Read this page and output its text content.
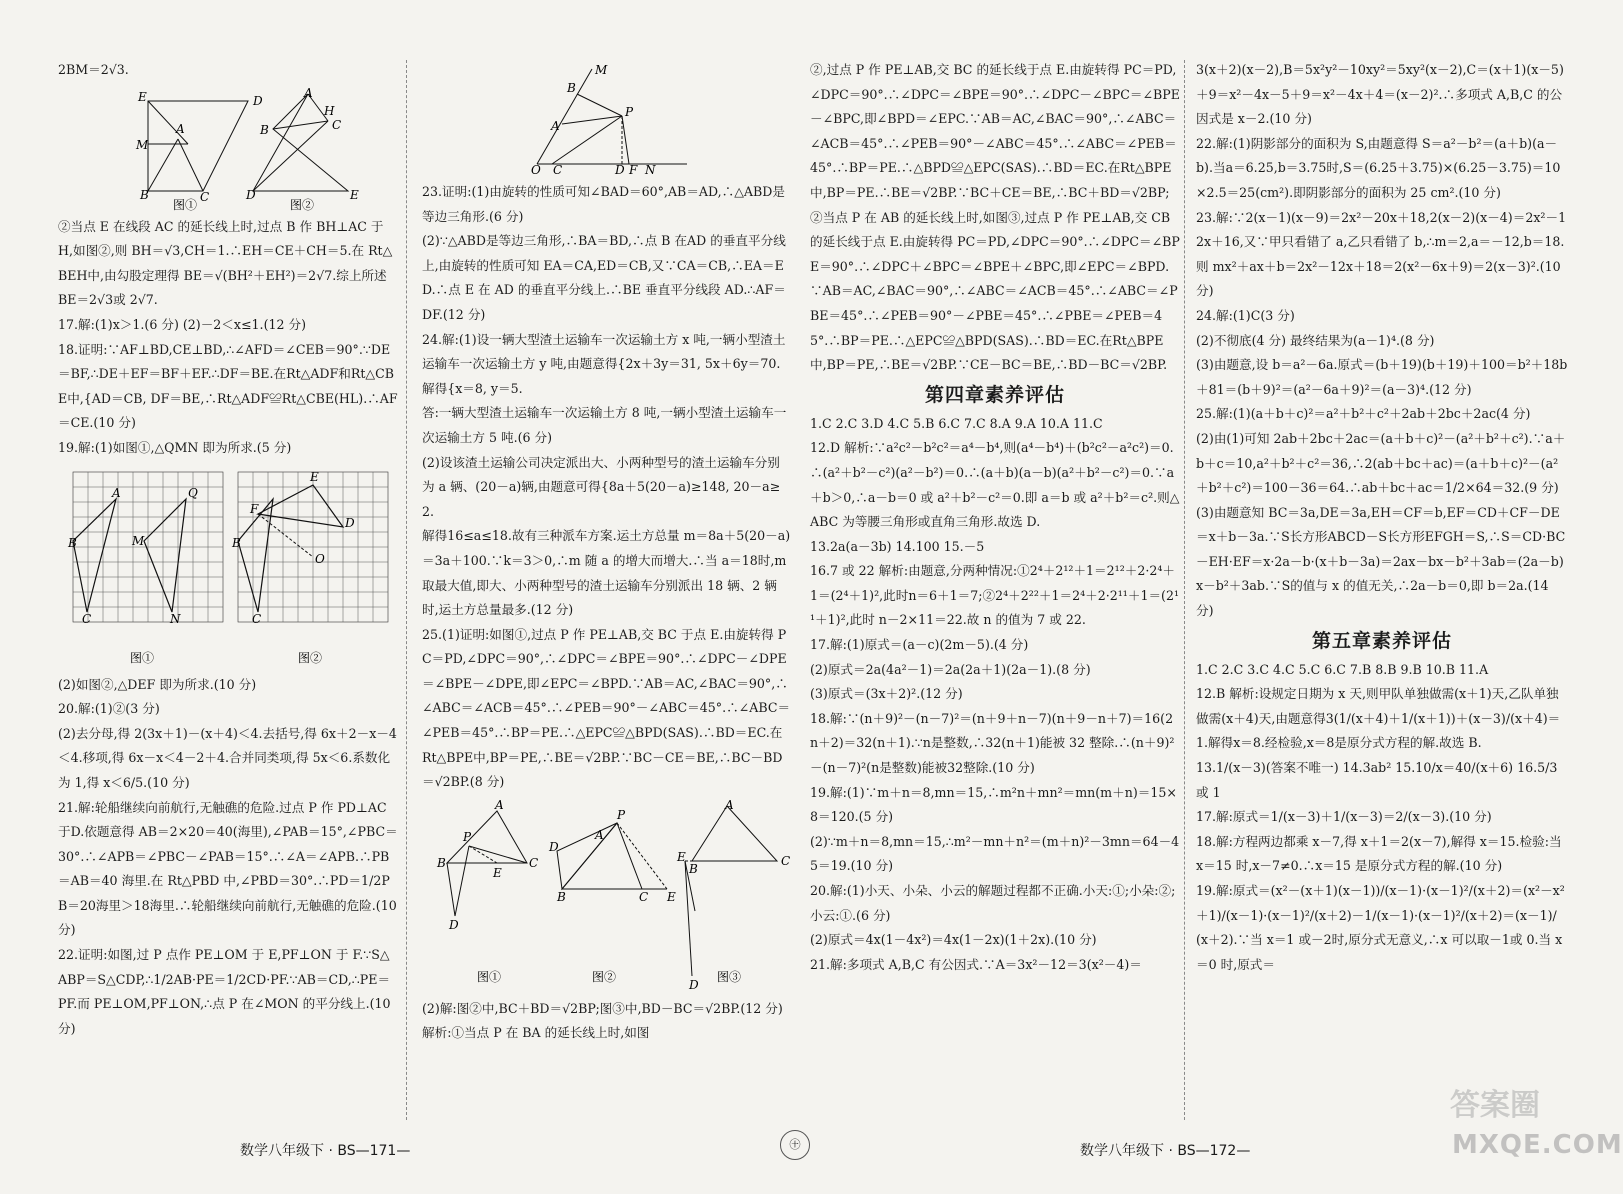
2BM＝2√3.

E	D
M
A
B	C
A
H
C
B
D	E
图①	图②

②当点 E 在线段 AC 的延长线上时,过点 B 作 BH⊥AC 于 H,如图②,则 BH＝√3,CH＝1.∴EH＝CE＋CH＝5.在 Rt△BEH中,由勾股定理得 BE＝√(BH²＋EH²)＝2√7.综上所述 BE＝2√3或 2√7.

17.解:(1)x＞1.(6 分) (2)－2＜x≤1.(12 分)

18.证明:∵AF⊥BD,CE⊥BD,∴∠AFD＝∠CEB＝90°.∵DE＝BF,∴DE＋EF＝BF＋EF.∴DF＝BE.在Rt△ADF和Rt△CBE中,{AD＝CB, DF＝BE,∴Rt△ADF≌Rt△CBE(HL).∴AF＝CE.(10 分)

19.解:(1)如图①,△QMN 即为所求.(5 分)

A
B
C
Q
M
N
E
F
D
O
B
C
图①	图②

(2)如图②,△DEF 即为所求.(10 分)

20.解:(1)②(3 分)

(2)去分母,得 2(3x＋1)－(x＋4)＜4.去括号,得 6x＋2－x－4＜4.移项,得 6x－x＜4－2＋4.合并同类项,得 5x＜6.系数化为 1,得 x＜6/5.(10 分)

21.解:轮船继续向前航行,无触礁的危险.过点 P 作 PD⊥AC 于D.依题意得 AB＝2×20＝40(海里),∠PAB＝15°,∠PBC＝30°.∴∠APB＝∠PBC－∠PAB＝15°.∴∠A＝∠APB.∴PB＝AB＝40 海里.在 Rt△PBD 中,∠PBD＝30°.∴PD＝1/2PB＝20海里＞18海里.∴轮船继续向前航行,无触礁的危险.(10 分)

22.证明:如图,过 P 点作 PE⊥OM 于 E,PF⊥ON 于 F.∵S△ABP＝S△CDP,∴1/2AB·PE＝1/2CD·PF.∵AB＝CD,∴PE＝PF.而 PE⊥OM,PF⊥ON,∴点 P 在∠MON 的平分线上.(10 分)

M
B
A
P
O C	D F N

23.证明:(1)由旋转的性质可知∠BAD＝60°,AB＝AD,∴△ABD是等边三角形.(6 分)

(2)∵△ABD是等边三角形,∴BA＝BD,∴点 B 在AD 的垂直平分线上,由旋转的性质可知 EA＝CA,ED＝CB,又∵CA＝CB,∴EA＝ED.∴点 E 在 AD 的垂直平分线上.∴BE 垂直平分线段 AD.∴AF＝DF.(12 分)

24.解:(1)设一辆大型渣土运输车一次运输土方 x 吨,一辆小型渣土运输车一次运输土方 y 吨,由题意得{2x＋3y＝31, 5x＋6y＝70.

解得{x＝8, y＝5.

答:一辆大型渣土运输车一次运输土方 8 吨,一辆小型渣土运输车一次运输土方 5 吨.(6 分)

(2)设该渣土运输公司决定派出大、小两种型号的渣土运输车分别为 a 辆、(20－a)辆,由题意可得{8a＋5(20－a)≥148, 20－a≥2.

解得16≤a≤18.故有三种派车方案.运土方总量 m＝8a＋5(20－a)＝3a＋100.∵k＝3＞0,∴m 随 a 的增大而增大.∴当 a＝18时,m 取最大值,即大、小两种型号的渣土运输车分别派出 18 辆、2 辆时,运土方总量最多.(12 分)

25.(1)证明:如图①,过点 P 作 PE⊥AB,交 BC 于点 E.由旋转得 PC＝PD,∠DPC＝90°,∴∠DPC＝∠BPE＝90°.∴∠DPC－∠DPE＝∠BPE－∠DPE,即∠EPC＝∠BPD.∵AB＝AC,∠BAC＝90°,∴∠ABC＝∠ACB＝45°.∴∠PEB＝90°－∠ABC＝45°.∴∠ABC＝∠PEB＝45°.∴BP＝PE.∴△EPC≌△BPD(SAS).∴BD＝EC.在 Rt△BPE中,BP＝PE,∴BE＝√2BP.∵BC－CE＝BE,∴BC－BD＝√2BP.(8 分)

A
P
B	C
E
D
P
A
D
B	C E
A
E
B
C
D
图①	图②	图③

(2)解:图②中,BC＋BD＝√2BP;图③中,BD－BC＝√2BP.(12 分) 解析:①当点 P 在 BA 的延长线上时,如图

②,过点 P 作 PE⊥AB,交 BC 的延长线于点 E.由旋转得 PC＝PD,∠DPC＝90°.∴∠DPC＝∠BPE＝90°.∴∠DPC－∠BPC＝∠BPE－∠BPC,即∠BPD＝∠EPC.∵AB＝AC,∠BAC＝90°,∴∠ABC＝∠ACB＝45°.∴∠PEB＝90°－∠ABC＝45°.∴∠ABC＝∠PEB＝45°.∴BP＝PE.∴△BPD≌△EPC(SAS).∴BD＝EC.在Rt△BPE中,BP＝PE.∴BE＝√2BP.∵BC＋CE＝BE,∴BC＋BD＝√2BP;②当点 P 在 AB 的延长线上时,如图③,过点 P 作 PE⊥AB,交 CB 的延长线于点 E.由旋转得 PC＝PD,∠DPC＝90°.∴∠DPC＝∠BPE＝90°.∴∠DPC＋∠BPC＝∠BPE＋∠BPC,即∠EPC＝∠BPD.∵AB＝AC,∠BAC＝90°,∴∠ABC＝∠ACB＝45°.∴∠ABC＝∠PBE＝45°.∴∠PEB＝90°－∠PBE＝45°.∴∠PBE＝∠PEB＝45°.∴BP＝PE.∴△EPC≌△BPD(SAS).∴BD＝EC.在Rt△BPE中,BP＝PE,∴BE＝√2BP.∵CE－BC＝BE,∴BD－BC＝√2BP.

第四章素养评估

1.C 2.C 3.D 4.C 5.B 6.C 7.C 8.A 9.A 10.A 11.C

12.D 解析:∵a²c²－b²c²＝a⁴－b⁴,则(a⁴－b⁴)＋(b²c²－a²c²)＝0.∴(a²＋b²－c²)(a²－b²)＝0.∴(a＋b)(a－b)(a²＋b²－c²)＝0.∵a＋b＞0,∴a－b＝0 或 a²＋b²－c²＝0.即 a＝b 或 a²＋b²＝c².则△ABC 为等腰三角形或直角三角形.故选 D.

13.2a(a－3b) 14.100 15.－5

16.7 或 22 解析:由题意,分两种情况:①2⁴＋2¹²＋1＝2¹²＋2·2⁴＋1＝(2⁴＋1)²,此时n＝6＋1＝7;②2⁴＋2²²＋1＝2⁴＋2·2¹¹＋1＝(2¹¹＋1)²,此时 n－2×11＝22.故 n 的值为 7 或 22.

17.解:(1)原式＝(a－c)(2m－5).(4 分)

(2)原式＝2a(4a²－1)＝2a(2a＋1)(2a－1).(8 分)

(3)原式＝(3x＋2)².(12 分)

18.解:∵(n＋9)²－(n－7)²＝(n＋9＋n－7)(n＋9－n＋7)＝16(2n＋2)＝32(n＋1).∵n是整数,∴32(n＋1)能被 32 整除.∴(n＋9)²－(n－7)²(n是整数)能被32整除.(10 分)

19.解:(1)∵m＋n＝8,mn＝15,∴m²n＋mn²＝mn(m＋n)＝15×8＝120.(5 分)

(2)∵m＋n＝8,mn＝15,∴m²－mn＋n²＝(m＋n)²－3mn＝64－45＝19.(10 分)

20.解:(1)小天、小朵、小云的解题过程都不正确.小天:①;小朵:②;小云:①.(6 分)

(2)原式＝4x(1－4x²)＝4x(1－2x)(1＋2x).(10 分)

21.解:多项式 A,B,C 有公因式.∵A＝3x²－12＝3(x²－4)＝

3(x＋2)(x－2),B＝5x²y²－10xy²＝5xy²(x－2),C＝(x＋1)(x－5)＋9＝x²－4x－5＋9＝x²－4x＋4＝(x－2)².∴多项式 A,B,C 的公因式是 x－2.(10 分)

22.解:(1)阴影部分的面积为 S,由题意得 S＝a²－b²＝(a＋b)(a－b).当a＝6.25,b＝3.75时,S＝(6.25＋3.75)×(6.25－3.75)＝10×2.5＝25(cm²).即阴影部分的面积为 25 cm².(10 分)

23.解:∵2(x－1)(x－9)＝2x²－20x＋18,2(x－2)(x－4)＝2x²－12x＋16,又∵甲只看错了 a,乙只看错了 b,∴m＝2,a＝－12,b＝18.则 mx²＋ax＋b＝2x²－12x＋18＝2(x²－6x＋9)＝2(x－3)².(10 分)

24.解:(1)C(3 分)

(2)不彻底(4 分) 最终结果为(a－1)⁴.(8 分)

(3)由题意,设 b＝a²－6a.原式＝(b＋19)(b＋19)＋100＝b²＋18b＋81＝(b＋9)²＝(a²－6a＋9)²＝(a－3)⁴.(12 分)

25.解:(1)(a＋b＋c)²＝a²＋b²＋c²＋2ab＋2bc＋2ac(4 分)

(2)由(1)可知 2ab＋2bc＋2ac＝(a＋b＋c)²－(a²＋b²＋c²).∵a＋b＋c＝10,a²＋b²＋c²＝36,∴2(ab＋bc＋ac)＝(a＋b＋c)²－(a²＋b²＋c²)＝100－36＝64.∴ab＋bc＋ac＝1/2×64＝32.(9 分)

(3)由题意知 BC＝3a,DE＝3a,EH＝CF＝b,EF＝CD＋CF－DE＝x＋b－3a.∵S长方形ABCD－S长方形EFGH＝S,∴S＝CD·BC－EH·EF＝x·2a－b·(x＋b－3a)＝2ax－bx－b²＋3ab＝(2a－b)x－b²＋3ab.∵S的值与 x 的值无关,∴2a－b＝0,即 b＝2a.(14 分)

第五章素养评估

1.C 2.C 3.C 4.C 5.C 6.C 7.B 8.B 9.B 10.B 11.A

12.B 解析:设规定日期为 x 天,则甲队单独做需(x＋1)天,乙队单独做需(x＋4)天,由题意得3(1/(x＋4)＋1/(x＋1))＋(x－3)/(x＋4)＝1.解得x＝8.经检验,x＝8是原分式方程的解.故选 B.

13.1/(x－3)(答案不唯一) 14.3ab² 15.10/x＝40/(x＋6) 16.5/3或 1

17.解:原式＝1/(x－3)＋1/(x－3)＝2/(x－3).(10 分)

18.解:方程两边都乘 x－7,得 x＋1＝2(x－7),解得 x＝15.检验:当 x＝15 时,x－7≠0.∴x＝15 是原分式方程的解.(10 分)

19.解:原式＝(x²－(x＋1)(x－1))/(x－1)·(x－1)²/(x＋2)＝(x²－x²＋1)/(x－1)·(x－1)²/(x＋2)－1/(x－1)·(x－1)²/(x＋2)＝(x－1)/(x＋2).∵当 x＝1 或－2时,原分式无意义,∴x 可以取－1或 0.当 x＝0 时,原式＝

数学八年级下 · BS—171—	㊉	数学八年级下 · BS—172—
答案圈
MXQE.COM
